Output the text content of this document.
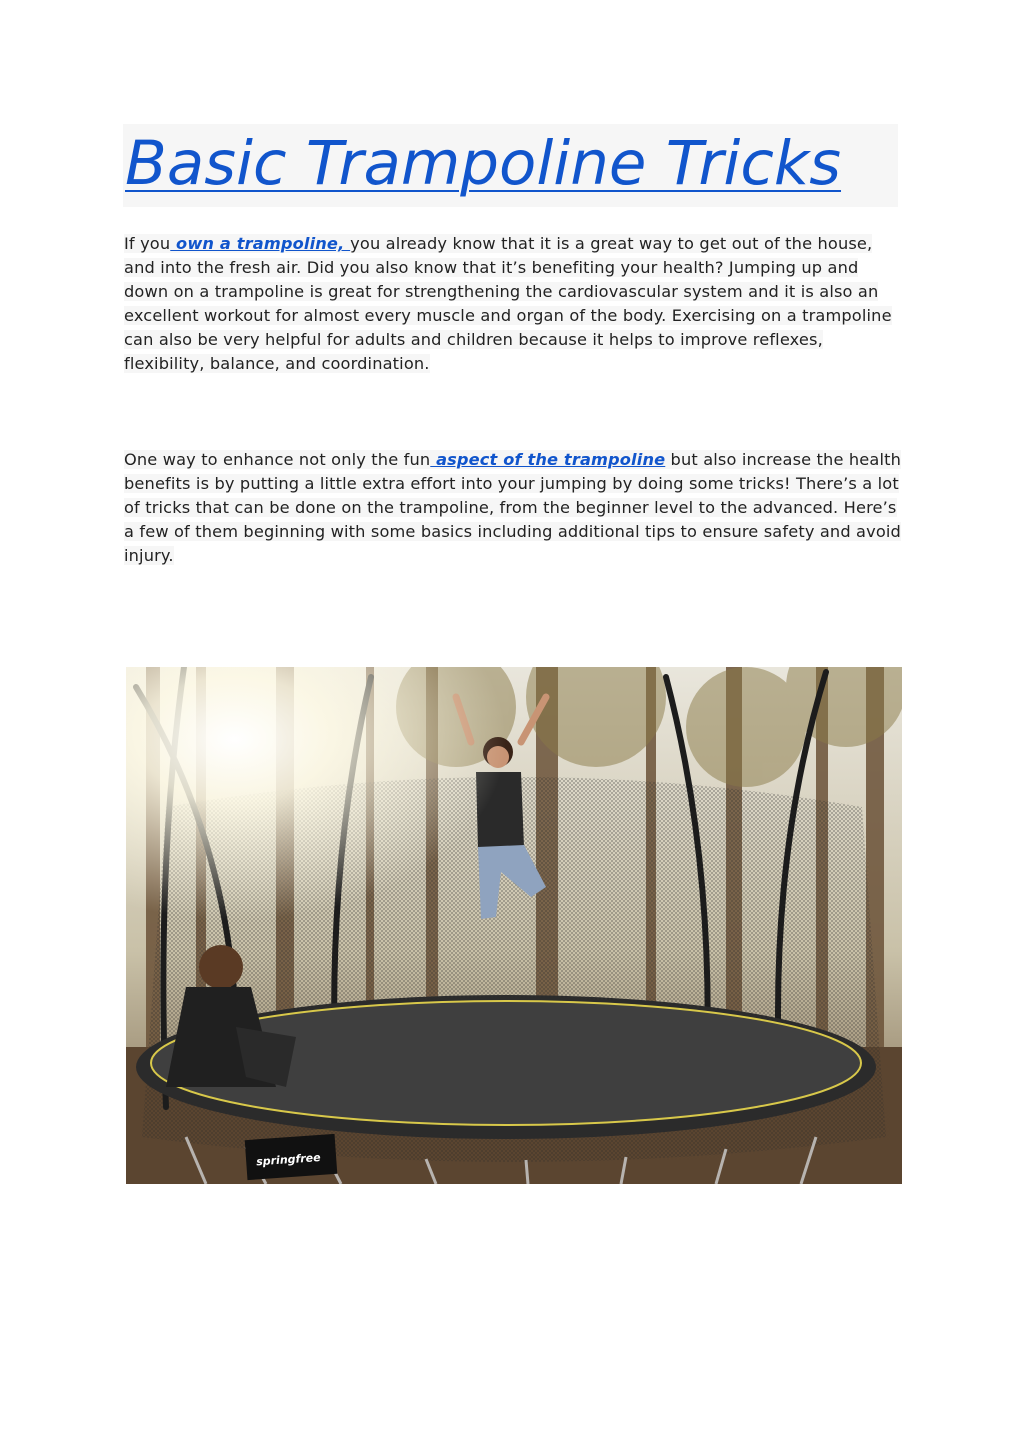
Basic Trampoline Tricks

If you own a trampoline, you already know that it is a great way to get out of the house, and into the fresh air. Did you also know that it’s benefiting your health? Jumping up and down on a trampoline is great for strengthening the cardiovascular system and it is also an excellent workout for almost every muscle and organ of the body. Exercising on a trampoline can also be very helpful for adults and children because it helps to improve reflexes, flexibility, balance, and coordination.

One way to enhance not only the fun aspect of the trampoline but also increase the health benefits is by putting a little extra effort into your jumping by doing some tricks! There’s a lot of tricks that can be done on the trampoline, from the beginner level to the advanced. Here’s a few of them beginning with some basics including additional tips to ensure safety and avoid injury.

springfree
